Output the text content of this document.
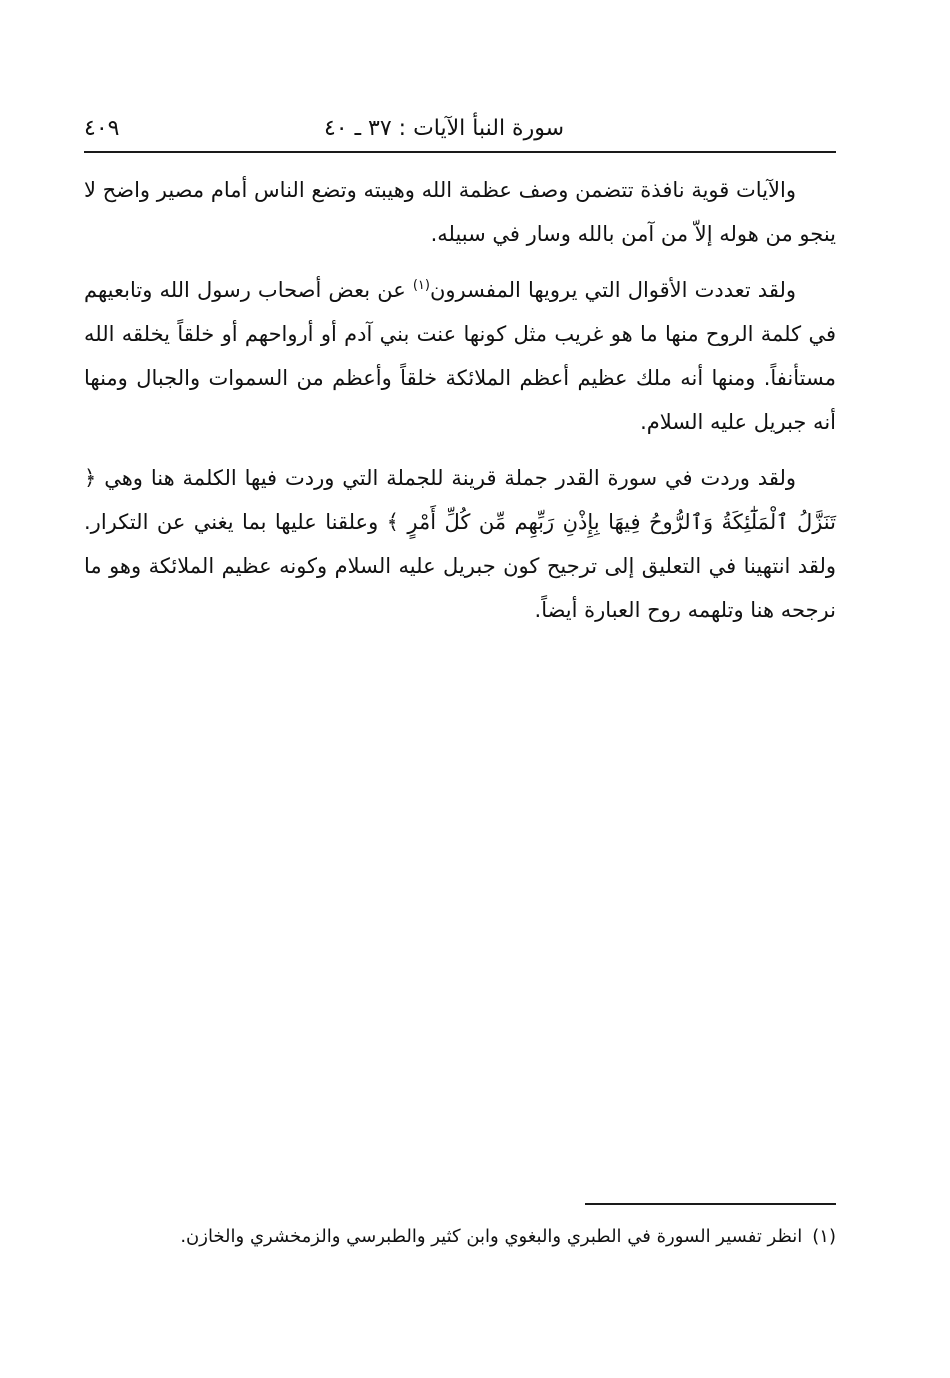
سورة النبأ الآيات : ٣٧ ـ ٤٠
٤٠٩

والآيات قوية نافذة تتضمن وصف عظمة الله وهيبته وتضع الناس أمام مصير واضح لا ينجو من هوله إلاّ من آمن بالله وسار في سبيله.

ولقد تعددت الأقوال التي يرويها المفسرون$^{(١)}$ عن بعض أصحاب رسول الله وتابعيهم في كلمة الروح منها ما هو غريب مثل كونها عنت بني آدم أو أرواحهم أو خلقاً يخلقه الله مستأنفاً. ومنها أنه ملك عظيم أعظم الملائكة خلقاً وأعظم من السموات والجبال ومنها أنه جبريل عليه السلام.

ولقد وردت في سورة القدر جملة قرينة للجملة التي وردت فيها الكلمة هنا وهي ﴿ تَنَزَّلُ ٱلْمَلَٰٓئِكَةُ وَٱلرُّوحُ فِيهَا بِإِذْنِ رَبِّهِم مِّن كُلِّ أَمْرٍ ﴾ وعلقنا عليها بما يغني عن التكرار. ولقد انتهينا في التعليق إلى ترجيح كون جبريل عليه السلام وكونه عظيم الملائكة وهو ما نرجحه هنا وتلهمه روح العبارة أيضاً.

(١)انظر تفسير السورة في الطبري والبغوي وابن كثير والطبرسي والزمخشري والخازن.
